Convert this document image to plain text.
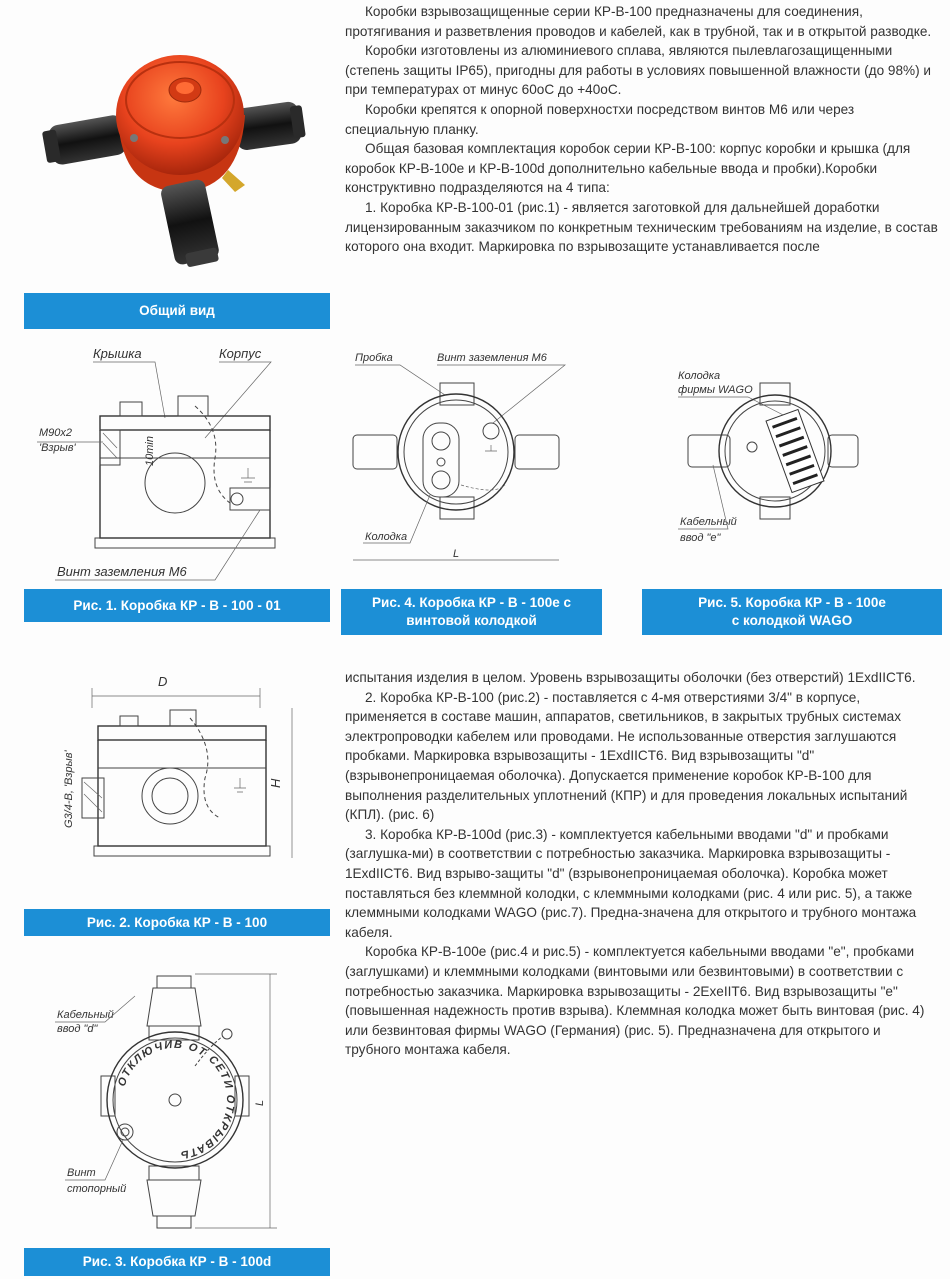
Коробки взрывозащищенные серии КР-В-100 предназначены для соединения, протягивания и разветвления проводов и кабелей, как в трубной, так и в открытой разводке.

Коробки изготовлены из алюминиевого сплава, являются пылевлагозащищенными (степень защиты IP65), пригодны для работы в условиях повышенной влажности (до 98%) и при температурах от минус 60оС до +40оС.

Коробки крепятся к опорной поверхностхи посредством винтов М6 или через специальную планку.

Общая базовая комплектация коробок серии КР-В-100: корпус коробки и крышка (для коробок КР-В-100е и КР-В-100d дополнительно кабельные ввода и пробки).Коробки конструктивно подразделяются на 4 типа:

1. Коробка КР-В-100-01 (рис.1) - является заготовкой для дальнейшей доработки лицензированным заказчиком по конкретным техническим требованиям на изделие, в состав которого она входит. Маркировка по взрывозащите устанавливается после

Общий вид
Крышка	Корпус
M90x2
'Взрыв'	10min
Винт заземления М6
Рис. 1. Коробка КР - В - 100 - 01
Пробка	Винт заземления М6
Колодка
L
Рис. 4. Коробка КР - В - 100е с
винтовой колодкой
Колодка
фирмы WAGO
Кабельный
ввод "е"
Рис. 5. Коробка КР - В - 100е
с колодкой WAGO
D
H
G3/4-B, 'Взрыв'
Рис. 2. Коробка КР - В - 100
Кабельный
ввод "d"
ОТКЛЮЧИВ ОТ СЕТИ ОТКРЫВАТЬ
Винт
стопорный
L
Рис. 3. Коробка КР - В - 100d

испытания изделия в целом. Уровень взрывозащиты оболочки (без отверстий) 1ExdIICT6.

2. Коробка КР-В-100 (рис.2) - поставляется с 4-мя отверстиями 3/4" в корпусе, применяется в составе машин, аппаратов, светильников, в закрытых трубных системах электропроводки кабелем или проводами. Не использованные отверстия заглушаются пробками. Маркировка взрывозащиты - 1ExdIICT6. Вид взрывозащиты "d" (взрывонепроницаемая оболочка). Допускается применение коробок КР-В-100 для выполнения разделительных уплотнений (КПР) и для проведения локальных испытаний (КПЛ). (рис. 6)

3. Коробка КР-В-100d (рис.3) - комплектуется кабельными вводами "d" и пробками (заглушка-ми) в соответствии с потребностью заказчика. Маркировка взрывозащиты - 1ExdIICT6. Вид взрыво-защиты "d" (взрывонепроницаемая оболочка). Коробка может поставляться без клеммной колодки, с клеммными колодками (рис. 4 или рис. 5), а также клеммными колодками WAGO (рис.7). Предна-значена для открытого и трубного монтажа кабеля.

Коробка КР-В-100е (рис.4 и рис.5) - комплектуется кабельными вводами "е", пробками (заглушками) и клеммными колодками (винтовыми или безвинтовыми) в соответствии с потребностью заказчика. Маркировка взрывозащиты - 2ExeIIT6. Вид взрывозащиты "е" (повышенная надежность против взрыва). Клеммная колодка может быть винтовая (рис. 4) или безвинтовая фирмы WAGO (Германия) (рис. 5). Предназначена для открытого и трубного монтажа кабеля.
